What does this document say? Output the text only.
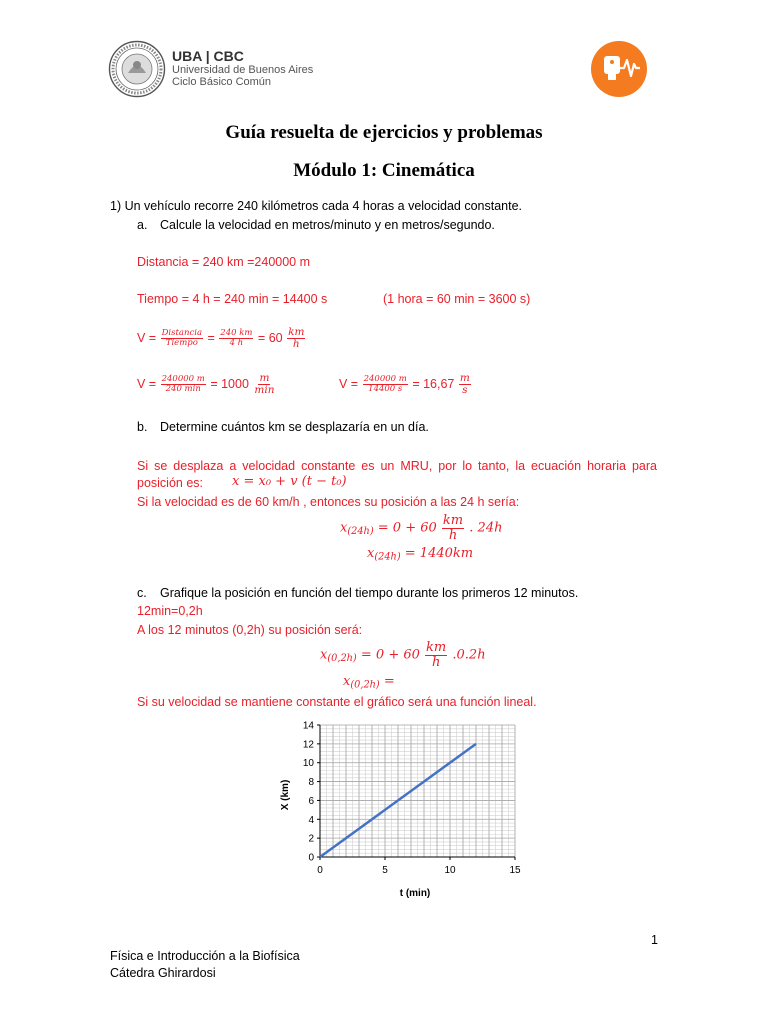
UBA | CBC
Universidad de Buenos Aires
Ciclo Básico Común
Guía resuelta de ejercicios y problemas
Módulo 1: Cinemática
1) Un vehículo recorre 240 kilómetros cada 4 horas a velocidad constante.
a. Calcule la velocidad en metros/minuto y en metros/segundo.
Distancia = 240 km =240000 m
Tiempo = 4 h = 240 min = 14400 s	(1 hora = 60 min = 3600 s)
$V = \frac{\text{Distancia}}{\text{Tiempo}} = \frac{240 km}{4 h} = 60 \frac{km}{h}$
$V = \frac{240000 m}{240 \min} = 1000 \frac{m}{\min}$	$V = \frac{240000 m}{14400 s} = 16,67 \frac{m}{s}$
b. Determine cuántos km se desplazaría en un día.
Si se desplaza a velocidad constante es un MRU, por lo tanto, la ecuación horaria para
posición es: x = x₀ + v (t − t₀)
Si la velocidad es de 60 km/h , entonces su posición a las 24 h sería:
$x_{(24h)} = 0 + 60 \frac{km}{h}$ . 24h
$x_{(24h)} = 1440km$
c. Grafique la posición en función del tiempo durante los primeros 12 minutos.
12min=0,2h
A los 12 minutos (0,2h) su posición será:
$x_{(0,2h)} = 0 + 60 \frac{km}{h} .0.2h$
$x_{(0,2h)}$ =
Si su velocidad se mantiene constante el gráfico será una función lineal.
0
2
4
6
8
10
12
14
0	5	10	15
t (min)
X (km)
1
Física e Introducción a la Biofísica
Cátedra Ghirardosi
